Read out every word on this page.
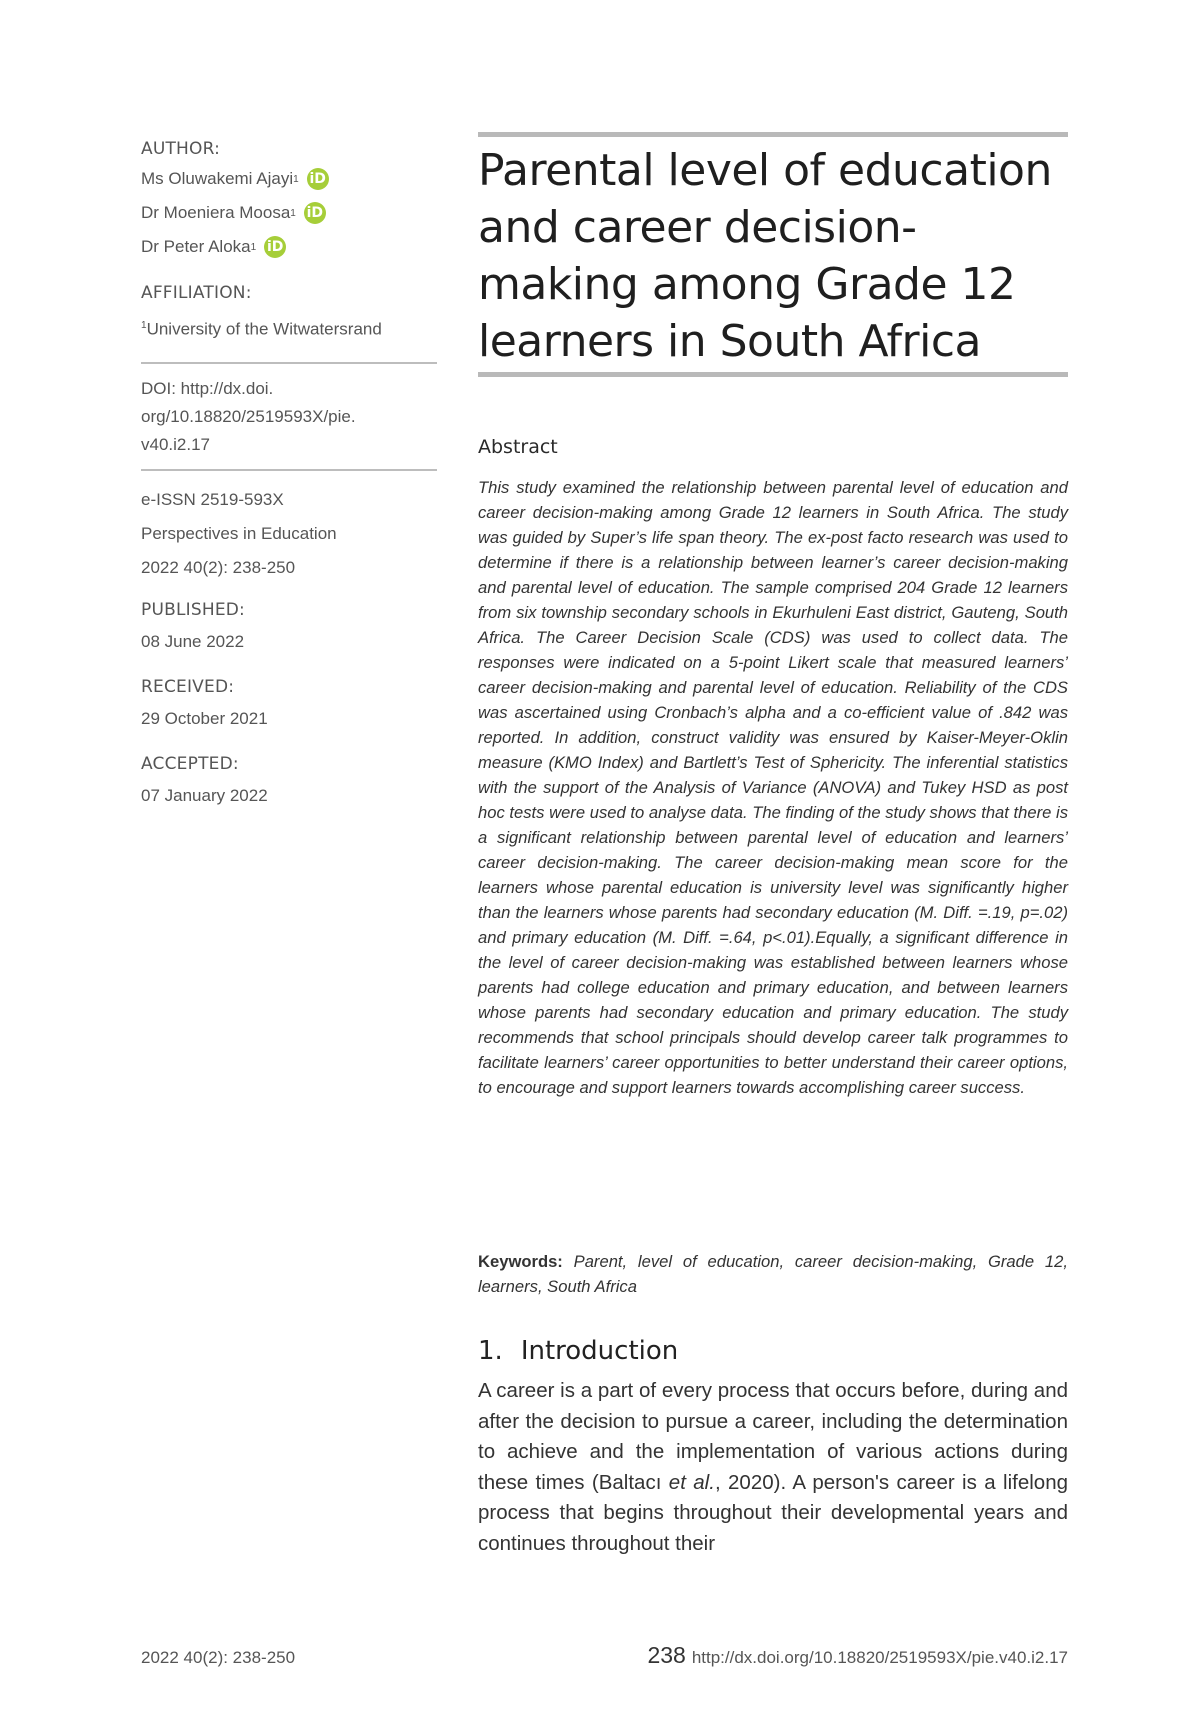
AUTHOR:

Ms Oluwakemi Ajayi 1 iD
Dr Moeniera Moosa 1 iD
Dr Peter Aloka 1 iD

AFFILIATION:

$^1$University of the Witwatersrand

DOI: http://dx.doi.

org/10.18820/2519593X/pie.

v40.i2.17

e-ISSN 2519-593X

Perspectives in Education

2022 40(2): 238-250

PUBLISHED:

08 June 2022

RECEIVED:

29 October 2021

ACCEPTED:

07 January 2022

Parental level of education and career decision-making among Grade 12 learners in South Africa
Abstract

This study examined the relationship between parental level of education and career decision-making among Grade 12 learners in South Africa. The study was guided by Super’s life span theory. The ex-post facto research was used to determine if there is a relationship between learner’s career decision-making and parental level of education. The sample comprised 204 Grade 12 learners from six township secondary schools in Ekurhuleni East district, Gauteng, South Africa. The Career Decision Scale (CDS) was used to collect data. The responses were indicated on a 5-point Likert scale that measured learners’ career decision-making and parental level of education. Reliability of the CDS was ascertained using Cronbach’s alpha and a co-efficient value of .842 was reported. In addition, construct validity was ensured by Kaiser-Meyer-Oklin measure (KMO Index) and Bartlett’s Test of Sphericity. The inferential statistics with the support of the Analysis of Variance (ANOVA) and Tukey HSD as post hoc tests were used to analyse data. The finding of the study shows that there is a significant relationship between parental level of education and learners’ career decision-making. The career decision-making mean score for the learners whose parental education is university level was significantly higher than the learners whose parents had secondary education (M. Diff. =.19, p=.02) and primary education (M. Diff. =.64, p<.01).Equally, a significant difference in the level of career decision-making was established between learners whose parents had college education and primary education, and between learners whose parents had secondary education and primary education. The study recommends that school principals should develop career talk programmes to facilitate learners’ career opportunities to better understand their career options, to encourage and support learners towards accomplishing career success.

Keywords: Parent, level of education, career decision-making, Grade 12, learners, South Africa

1. Introduction

A career is a part of every process that occurs before, during and after the decision to pursue a career, including the determination to achieve and the implementation of various actions during these times (Baltacı et al., 2020). A person's career is a lifelong process that begins throughout their developmental years and continues throughout their

2022 40(2): 238-250	238 http://dx.doi.org/10.18820/2519593X/pie.v40.i2.17
